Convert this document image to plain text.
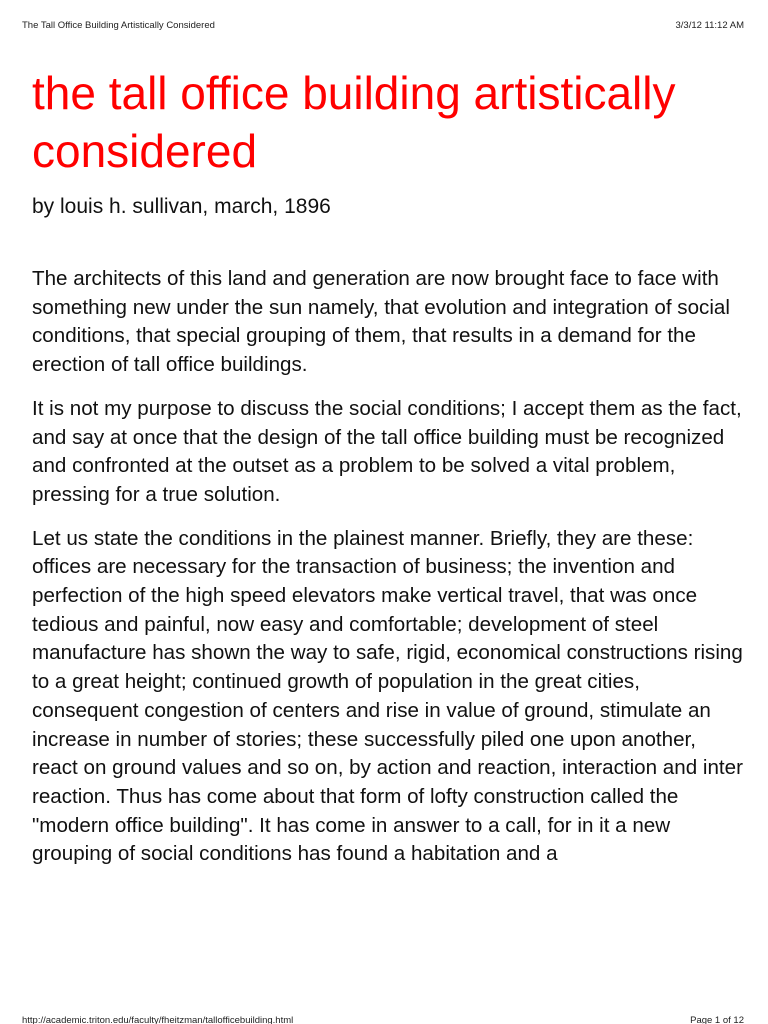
The Tall Office Building Artistically Considered	3/3/12 11:12 AM
the tall office building artistically considered

by louis h. sullivan, march, 1896

The architects of this land and generation are now brought face to face with something new under the sun namely, that evolution and integration of social conditions, that special grouping of them, that results in a demand for the erection of tall office buildings.

It is not my purpose to discuss the social conditions; I accept them as the fact, and say at once that the design of the tall office building must be recognized and confronted at the outset as a problem to be solved a vital problem, pressing for a true solution.

Let us state the conditions in the plainest manner. Briefly, they are these: offices are necessary for the transaction of business; the invention and perfection of the high speed elevators make vertical travel, that was once tedious and painful, now easy and comfortable; development of steel manufacture has shown the way to safe, rigid, economical constructions rising to a great height; continued growth of population in the great cities, consequent congestion of centers and rise in value of ground, stimulate an increase in number of stories; these successfully piled one upon another, react on ground values and so on, by action and reaction, interaction and inter reaction. Thus has come about that form of lofty construction called the "modern office building". It has come in answer to a call, for in it a new grouping of social conditions has found a habitation and a

http://academic.triton.edu/faculty/fheitzman/tallofficebuilding.html	Page 1 of 12
